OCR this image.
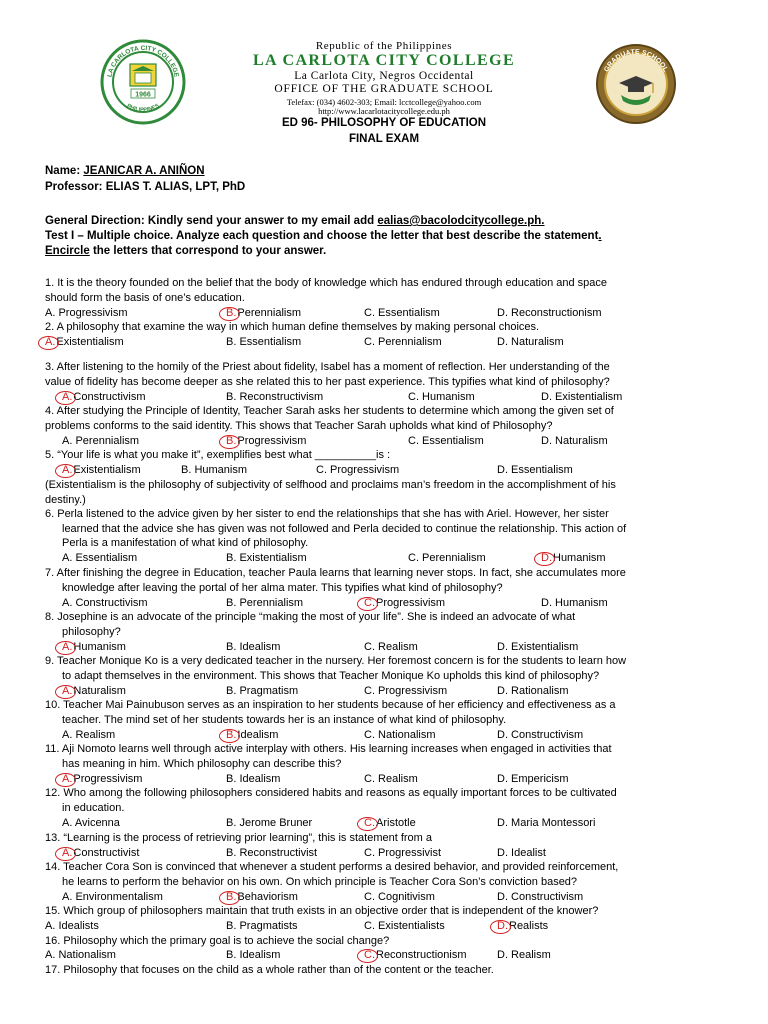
LA CARLOTA CITY COLLEGE
PHILIPPINES
1966
GRADUATE SCHOOL
Republic of the Philippines
LA CARLOTA CITY COLLEGE
La Carlota City, Negros Occidental
OFFICE OF THE GRADUATE SCHOOL
Telefax: (034) 4602-303; Email: lcctcollege@yahoo.com
http://www.lacarlotacitycollege.edu.ph
ED 96- PHILOSOPHY OF EDUCATION
FINAL EXAM
Name: JEANICAR A. ANIÑON
Professor: ELIAS T. ALIAS, LPT, PhD
General Direction: Kindly send your answer to my email add ealias@bacolodcitycollege.ph.
Test I – Multiple choice. Analyze each question and choose the letter that best describe the statement.
Encircle the letters that correspond to your answer.
1. It is the theory founded on the belief that the body of knowledge which has endured through education and space
should form the basis of one’s education.
A. Progressivism	B.Perennialism	C. Essentialism	D. Reconstructionism
2. A philosophy that examine the way in which human define themselves by making personal choices.
A.Existentialism	B. Essentialism	C. Perennialism	D. Naturalism
3. After listening to the homily of the Priest about fidelity, Isabel has a moment of reflection. Her understanding of the
value of fidelity has become deeper as she related this to her past experience. This typifies what kind of philosophy?
A.Constructivism	B. Reconstructivism	C. Humanism	D. Existentialism
4. After studying the Principle of Identity, Teacher Sarah asks her students to determine which among the given set of
problems conforms to the said identity. This shows that Teacher Sarah upholds what kind of Philosophy?
A. Perennialism	B.Progressivism	C. Essentialism	D. Naturalism
5. “Your life is what you make it”, exemplifies best what __________is :
(Existentialism is the philosophy of subjectivity of selfhood and proclaims man’s freedom in the accomplishment of his
destiny.)
A.Existentialism	B. Humanism	C. Progressivism	D. Essentialism
6. Perla listened to the advice given by her sister to end the relationships that she has with Ariel. However, her sister
learned that the advice she has given was not followed and Perla decided to continue the relationship. This action of
Perla is a manifestation of what kind of philosophy.
A. Essentialism	B. Existentialism	C. Perennialism	D.Humanism
7. After finishing the degree in Education, teacher Paula learns that learning never stops. In fact, she accumulates more
knowledge after leaving the portal of her alma mater. This typifies what kind of philosophy?
A. Constructivism	B. Perennialism	C.Progressivism	D. Humanism
8. Josephine is an advocate of the principle “making the most of your life”. She is indeed an advocate of what
philosophy?
A.Humanism	B. Idealism	C. Realism	D. Existentialism
9. Teacher Monique Ko is a very dedicated teacher in the nursery. Her foremost concern is for the students to learn how
to adapt themselves in the environment. This shows that Teacher Monique Ko upholds this kind of philosophy?
A.Naturalism	B. Pragmatism	C. Progressivism	D. Rationalism
10. Teacher Mai Painubuson serves as an inspiration to her students because of her efficiency and effectiveness as a
teacher. The mind set of her students towards her is an instance of what kind of philosophy.
A. Realism	B.Idealism	C. Nationalism	D. Constructivism
11. Aji Nomoto learns well through active interplay with others. His learning increases when engaged in activities that
has meaning in him. Which philosophy can describe this?
A.Progressivism	B. Idealism	C. Realism	D. Empericism
12. Who among the following philosophers considered habits and reasons as equally important forces to be cultivated
in education.
A. Avicenna	B. Jerome Bruner	C.Aristotle	D. Maria Montessori
13. “Learning is the process of retrieving prior learning”, this is statement from a
A.Constructivist	B. Reconstructivist	C. Progressivist	D. Idealist
14. Teacher Cora Son is convinced that whenever a student performs a desired behavior, and provided reinforcement,
he learns to perform the behavior on his own. On which principle is Teacher Cora Son’s conviction based?
A. Environmentalism	B.Behaviorism	C. Cognitivism	D. Constructivism
15. Which group of philosophers maintain that truth exists in an objective order that is independent of the knower?
A. Idealists	B. Pragmatists	C. Existentialists	D.Realists
16. Philosophy which the primary goal is to achieve the social change?
A. Nationalism	B. Idealism	C.Reconstructionism	D. Realism
17. Philosophy that focuses on the child as a whole rather than of the content or the teacher.
